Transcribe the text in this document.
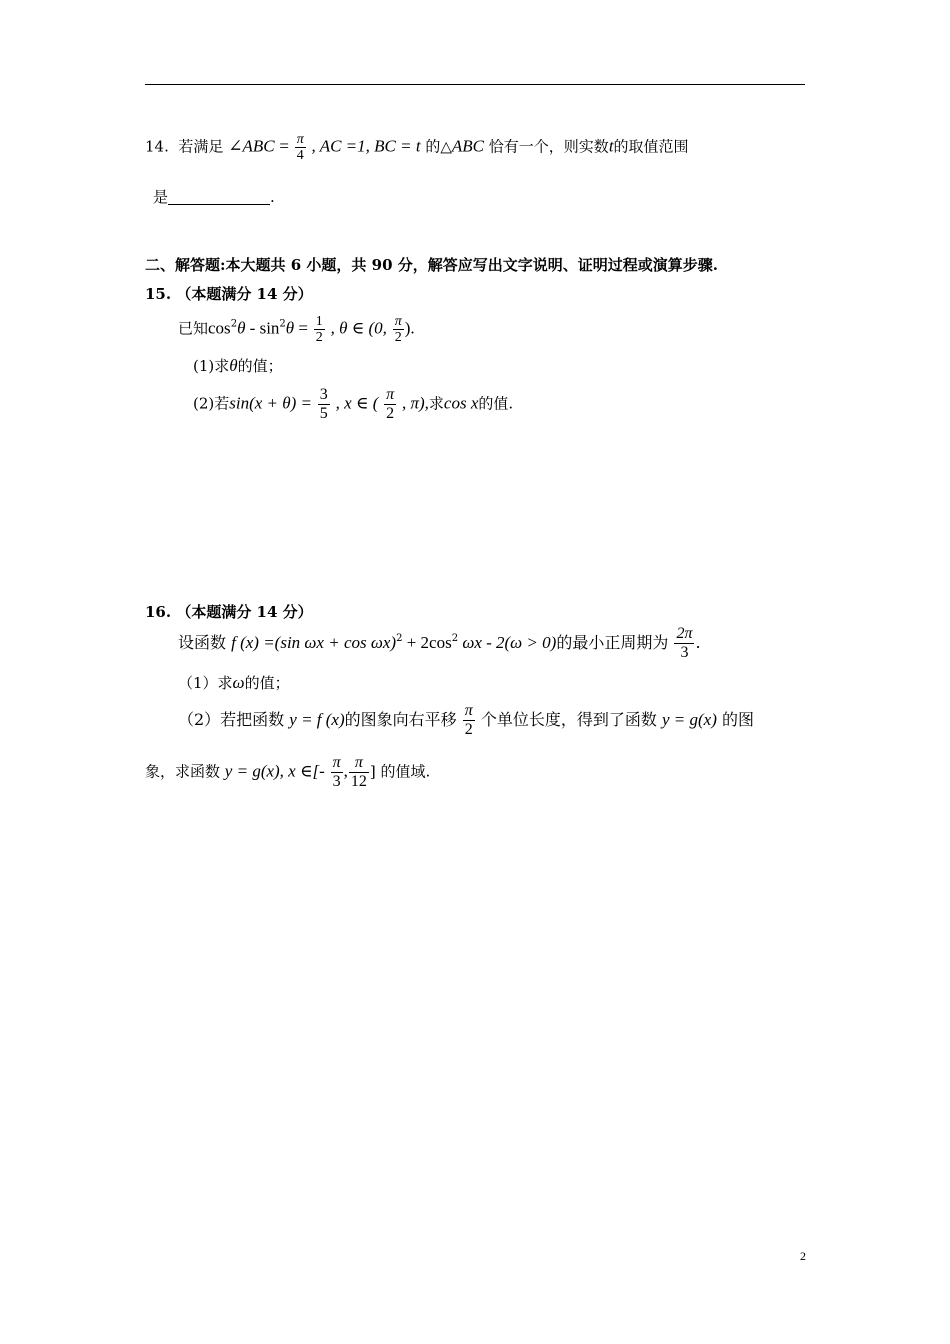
14. 若满足 ∠ABC = $\frac{\pi}{4}$ , AC =1, BC = t 的△ABC 恰有一个，则实数t的取值范围
是	.
二、解答题:本大题共 6 小题，共 90 分，解答应写出文字说明、证明过程或演算步骤.
15. （本题满分 14 分）
已知$\cos^2\theta - \sin^2\theta = \frac{1}{2}$ , θ ∈ (0, $\frac{\pi}{2}$ ).
(1)求θ的值；
(2)若$\sin(x + \theta) = \frac{3}{5}$ , x ∈ ( $\frac{\pi}{2}$ , π),求cos x的值.
16. （本题满分 14 分）
设函数 f (x) =(sin $\omega x + \cos \omega x)^2 + 2\cos^2$ ωx - 2(ω > 0)的最小正周期为 $\frac{2\pi}{3}$ .
（1）求ω的值；
（2）若把函数 y = f (x)的图象向右平移 $\frac{\pi}{2}$ 个单位长度，得到了函数 y = g(x) 的图
象，求函数 y = g(x), x ∈[- $\frac{\pi}{3}$ , $\frac{\pi}{12}$ ] 的值域.
2
